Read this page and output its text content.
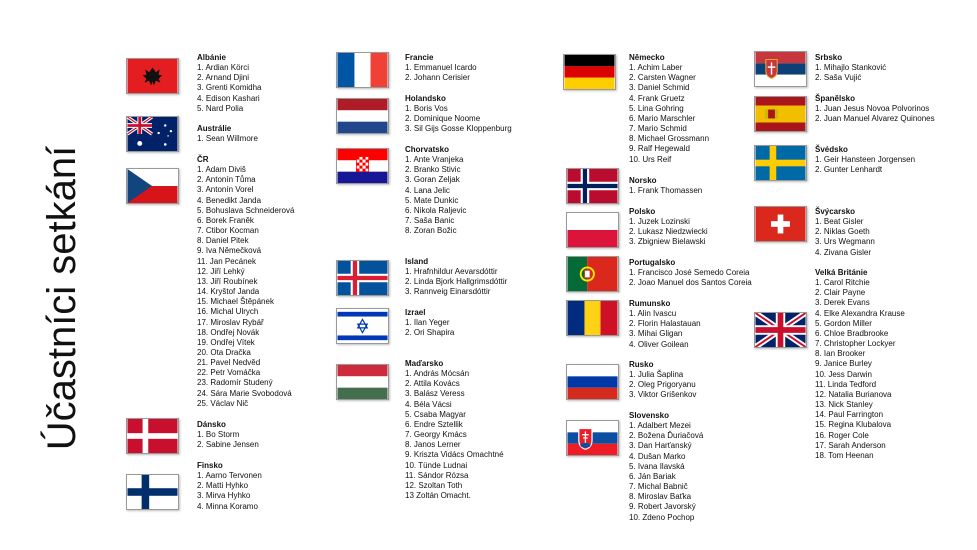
Účastníci setkání
Albánie
1. Ardian Körci
2. Arnand Djini
3. Grenti Komidha
4. Edison Kashari
5. Nard Polia
Austrálie
1. Sean Willmore
ČR
1. Adam Diviš
2. Antonín Tůma
3. Antonín Vorel
4. Benedikt Janda
5. Bohuslava Schneiderová
6. Borek Franěk
7. Ctibor Kocman
8. Daniel Pitek
9. Iva Němečková
11. Jan Pecánek
12. Jiří Lehký
13. Jiří Roubínek
14. Kryštof Janda
15. Michael Štěpánek
16. Michal Ulrych
17. Miroslav Rybář
18. Ondřej Novák
19. Ondřej Vítek
20. Ota Dračka
21. Pavel Nedvěd
22. Petr Vomáčka
23. Radomír Studený
24. Sára Marie Svobodová
25. Václav Nič
Dánsko
1. Bo Storm
2. Sabine Jensen
Finsko
1. Aarno Tervonen
2. Matti Hyhko
3. Mirva Hyhko
4. Minna Koramo
Francie
1. Emmanuel Icardo
2. Johann Cerisier
Holandsko
1. Boris Vos
2. Dominique Noome
3. Sil Gijs Gosse Kloppenburg
Chorvatsko
1. Ante Vranjeka
2. Branko Stivic
3. Goran Zeljak
4. Lana Jelic
5. Mate Dunkic
6. Nikola Raljevic
7. Saša Banic
8. Zoran Božic
Island
1. Hrafnhildur Aevarsdóttir
2. Linda Bjork Hallgrimsdóttir
3. Rannveig Einarsdóttir
Izrael
1. Ilan Yeger
2. Ori Shapira
Maďarsko
1. András Mócsán
2. Attila Kovács
3. Balász Veress
4. Béla Vácsi
5. Csaba Magyar
6. Endre Sztellik
7. Georgy Kmács
8. Janos Lerner
9. Kriszta Vidács Omachtné
10. Tünde Ludnai
11. Sándor Rózsa
12. Szoltan Toth
13 Zoltán Omacht.
Německo
1. Achim Laber
2. Carsten Wagner
3. Daniel Schmid
4. Frank Gruetz
5. Lina Gohring
6. Mario Marschler
7. Mario Schmid
8. Michael Grossmann
9. Ralf Hegewald
10. Urs Reif
Norsko
1. Frank Thomassen
Polsko
1. Juzek Lozinski
2. Lukasz Niedzwiecki
3. Zbigniew Bielawski
Portugalsko
1. Francisco José Semedo Coreia
2. Joao Manuel dos Santos Coreia
Rumunsko
1. Alin Ivascu
2. Florin Halastauan
3. Mihai Gligan
4. Oliver Goilean
Rusko
1. Julia Šaplina
2. Oleg Prigoryanu
3. Viktor Grišenkov
Slovensko
1. Adalbert Mezei
2. Božena Ďuriačová
3. Dan Harťanský
4. Dušan Marko
5. Ivana Ilavská
6. Ján Bariak
7. Michal Babnič
8. Miroslav Baťka
9. Robert Javorský
10. Zdeno Pochop
Srbsko
1. Mihajlo Stanković
2. Saša Vujić
Španělsko
1. Juan Jesus Novoa Polvorinos
2. Juan Manuel Alvarez Quinones
Švédsko
1. Geir Hansteen Jorgensen
2. Gunter Lenhardt
Švýcarsko
1. Beat Gisler
2. Niklas Goeth
3. Urs Wegmann
4. Zivana Gisler
Velká Británie
1. Carol Ritchie
2. Clair Payne
3. Derek Evans
4. Elke Alexandra Krause
5. Gordon Miller
6. Chloe Bradbrooke
7. Christopher Lockyer
8. Ian Brooker
9. Janice Burley
10. Jess Darwin
11. Linda Tedford
12. Natalia Burianova
13. Nick Stanley
14. Paul Farrington
15. Regina Klubalova
16. Roger Cole
17. Sarah Anderson
18. Tom Heenan
